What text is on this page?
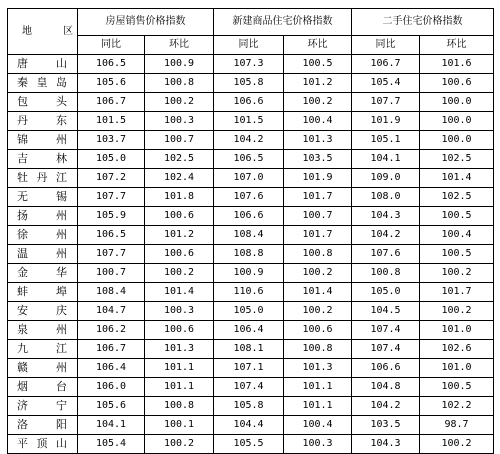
地 区	房屋销售价格指数		新建商品住宅价格指数		二手住宅价格指数	
	同比	环比	同比	环比	同比	环比
唐山	106.5	100.9	107.3	100.5	106.7	101.6
秦皇岛	105.6	100.8	105.8	101.2	105.4	100.6
包头	106.7	100.2	106.6	100.2	107.7	100.0
丹东	101.5	100.3	101.5	100.4	101.9	100.0
锦州	103.7	100.7	104.2	101.3	105.1	100.0
吉林	105.0	102.5	106.5	103.5	104.1	102.5
牡丹江	107.2	102.4	107.0	101.9	109.0	101.4
无锡	107.7	101.8	107.6	101.7	108.0	102.5
扬州	105.9	100.6	106.6	100.7	104.3	100.5
徐州	106.5	101.2	108.4	101.7	104.2	100.4
温州	107.7	100.6	108.8	100.8	107.6	100.5
金华	100.7	100.2	100.9	100.2	100.8	100.2
蚌埠	108.4	101.4	110.6	101.4	105.0	101.7
安庆	104.7	100.3	105.0	100.2	104.5	100.2
泉州	106.2	100.6	106.4	100.6	107.4	101.0
九江	106.7	101.3	108.1	100.8	107.4	102.6
赣州	106.4	101.1	107.1	101.3	106.6	101.0
烟台	106.0	101.1	107.4	101.1	104.8	100.5
济宁	105.6	100.8	105.8	101.1	104.2	102.2
洛阳	104.1	100.1	104.4	100.4	103.5	98.7
平顶山	105.4	100.2	105.5	100.3	104.3	100.2
